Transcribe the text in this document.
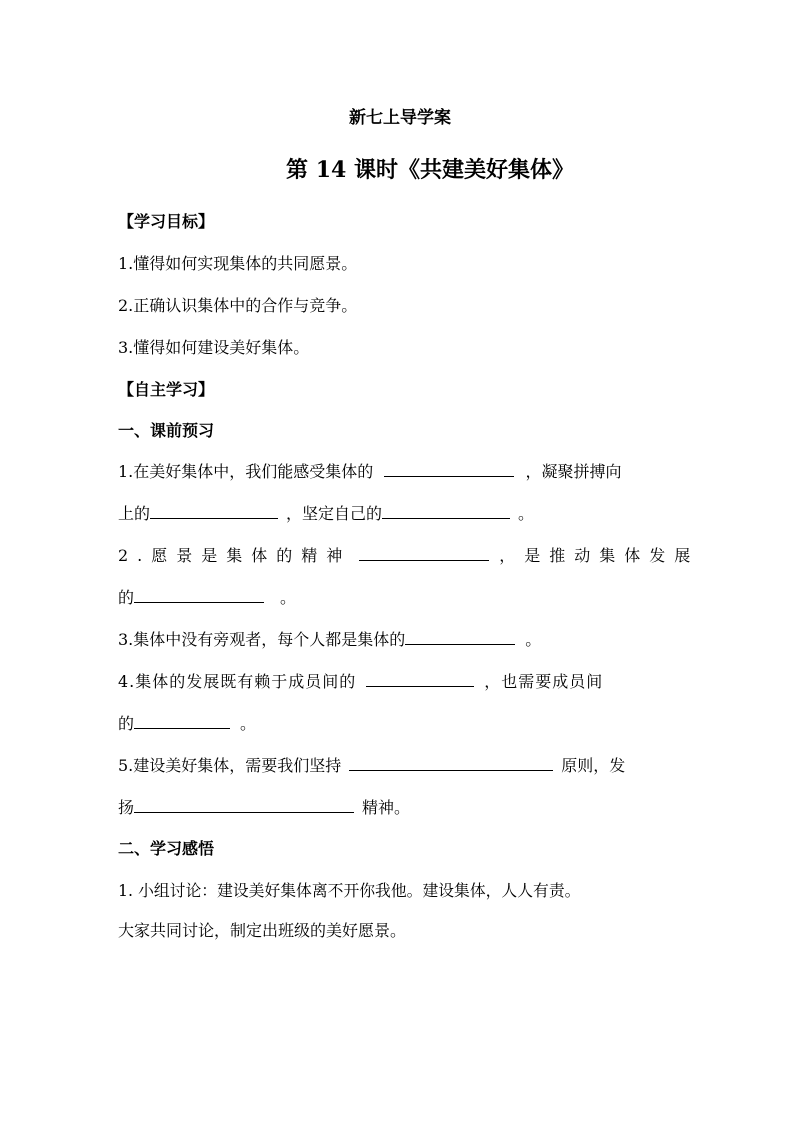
新七上导学案
第 14 课时《共建美好集体》
【学习目标】
1.懂得如何实现集体的共同愿景。
2.正确认识集体中的合作与竞争。
3.懂得如何建设美好集体。
【自主学习】
一、课前预习
1.在美好集体中，我们能感受集体的	，凝聚拼搏向
上的	，坚定自己的	。
2.愿景是集体的精神	，是推动集体发展
的	。
3.集体中没有旁观者，每个人都是集体的	。
4.集体的发展既有赖于成员间的	，也需要成员间
的	。
5.建设美好集体，需要我们坚持	原则，发
扬	精神。
二、学习感悟
1. 小组讨论：建设美好集体离不开你我他。建设集体，人人有责。
大家共同讨论，制定出班级的美好愿景。
